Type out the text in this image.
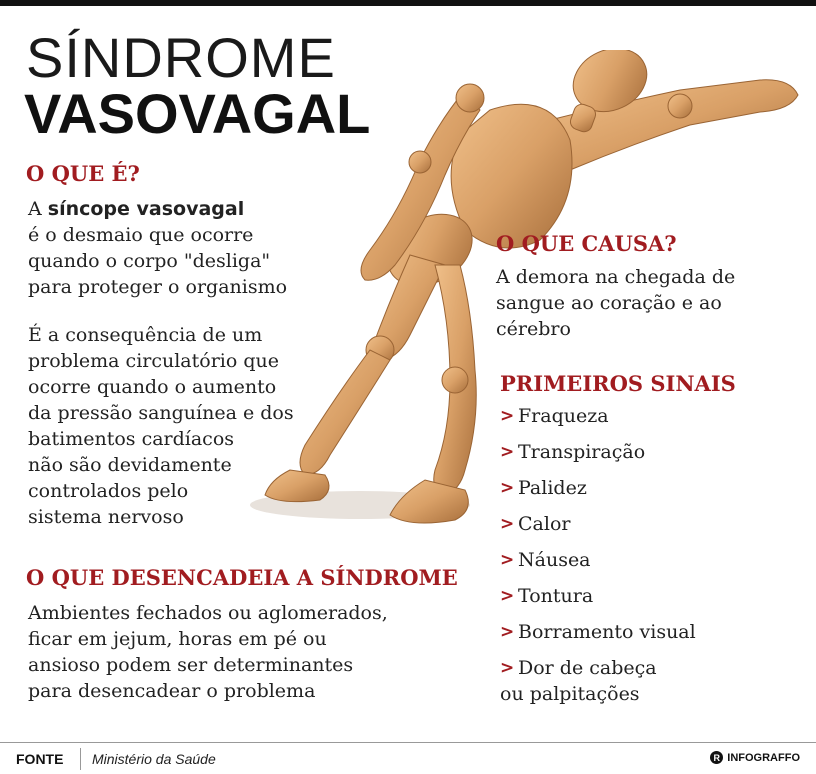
SÍNDROME
VASOVAGAL
O QUE É?
A síncope vasovagal
é o desmaio que ocorre
quando o corpo "desliga"
para proteger o organismo
É a consequência de um
problema circulatório que
ocorre quando o aumento
da pressão sanguínea e dos
batimentos cardíacos
não são devidamente
controlados pelo
sistema nervoso
O QUE CAUSA?
A demora na chegada de
sangue ao coração e ao
cérebro
PRIMEIROS SINAIS
> Fraqueza
> Transpiração
> Palidez
> Calor
> Náusea
> Tontura
> Borramento visual
> Dor de cabeça
ou palpitações
O QUE DESENCADEIA A SÍNDROME
Ambientes fechados ou aglomerados,
ficar em jejum, horas em pé ou
ansioso podem ser determinantes
para desencadear o problema
FONTE Ministério da Saúde	R INFOGRAFFO
